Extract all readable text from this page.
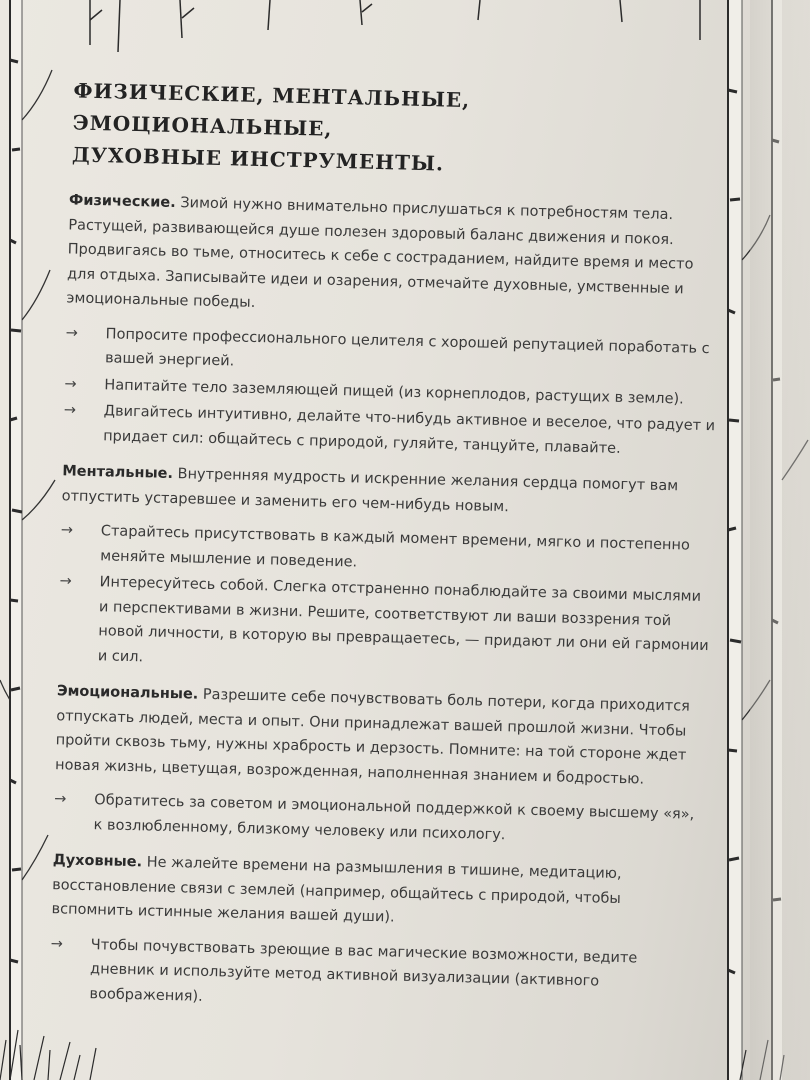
ФИЗИЧЕСКИЕ, МЕНТАЛЬНЫЕ, ЭМОЦИОНАЛЬНЫЕ,
ДУХОВНЫЕ ИНСТРУМЕНТЫ.
Физические. Зимой нужно внимательно прислушаться к потребностям тела. Растущей, развивающейся душе полезен здоровый баланс движения и покоя. Продвигаясь во тьме, относитесь к себе с состраданием, найдите время и место для отдыха. Записывайте идеи и озарения, отмечайте духовные, умственные и эмоциональные победы.
→ Попросите профессионального целителя с хорошей репутацией поработать с вашей энергией.
→ Напитайте тело заземляющей пищей (из корнеплодов, растущих в земле).
→ Двигайтесь интуитивно, делайте что-нибудь активное и веселое, что радует и придает сил: общайтесь с природой, гуляйте, танцуйте, плавайте.
Ментальные. Внутренняя мудрость и искренние желания сердца помогут вам отпустить устаревшее и заменить его чем-нибудь новым.
→ Старайтесь присутствовать в каждый момент времени, мягко и постепенно меняйте мышление и поведение.
→ Интересуйтесь собой. Слегка отстраненно понаблюдайте за своими мыслями и перспективами в жизни. Решите, соответствуют ли ваши воззрения той новой личности, в которую вы превращаетесь, — придают ли они ей гармонии и сил.
Эмоциональные. Разрешите себе почувствовать боль потери, когда приходится отпускать людей, места и опыт. Они принадлежат вашей прошлой жизни. Чтобы пройти сквозь тьму, нужны храбрость и дерзость. Помните: на той стороне ждет новая жизнь, цветущая, возрожденная, наполненная знанием и бодростью.
→ Обратитесь за советом и эмоциональной поддержкой к своему высшему «я», к возлюбленному, близкому человеку или психологу.
Духовные. Не жалейте времени на размышления в тишине, медитацию, восстановление связи с землей (например, общайтесь с природой, чтобы вспомнить истинные желания вашей души).
→ Чтобы почувствовать зреющие в вас магические возможности, ведите дневник и используйте метод активной визуализации (активного воображения).
